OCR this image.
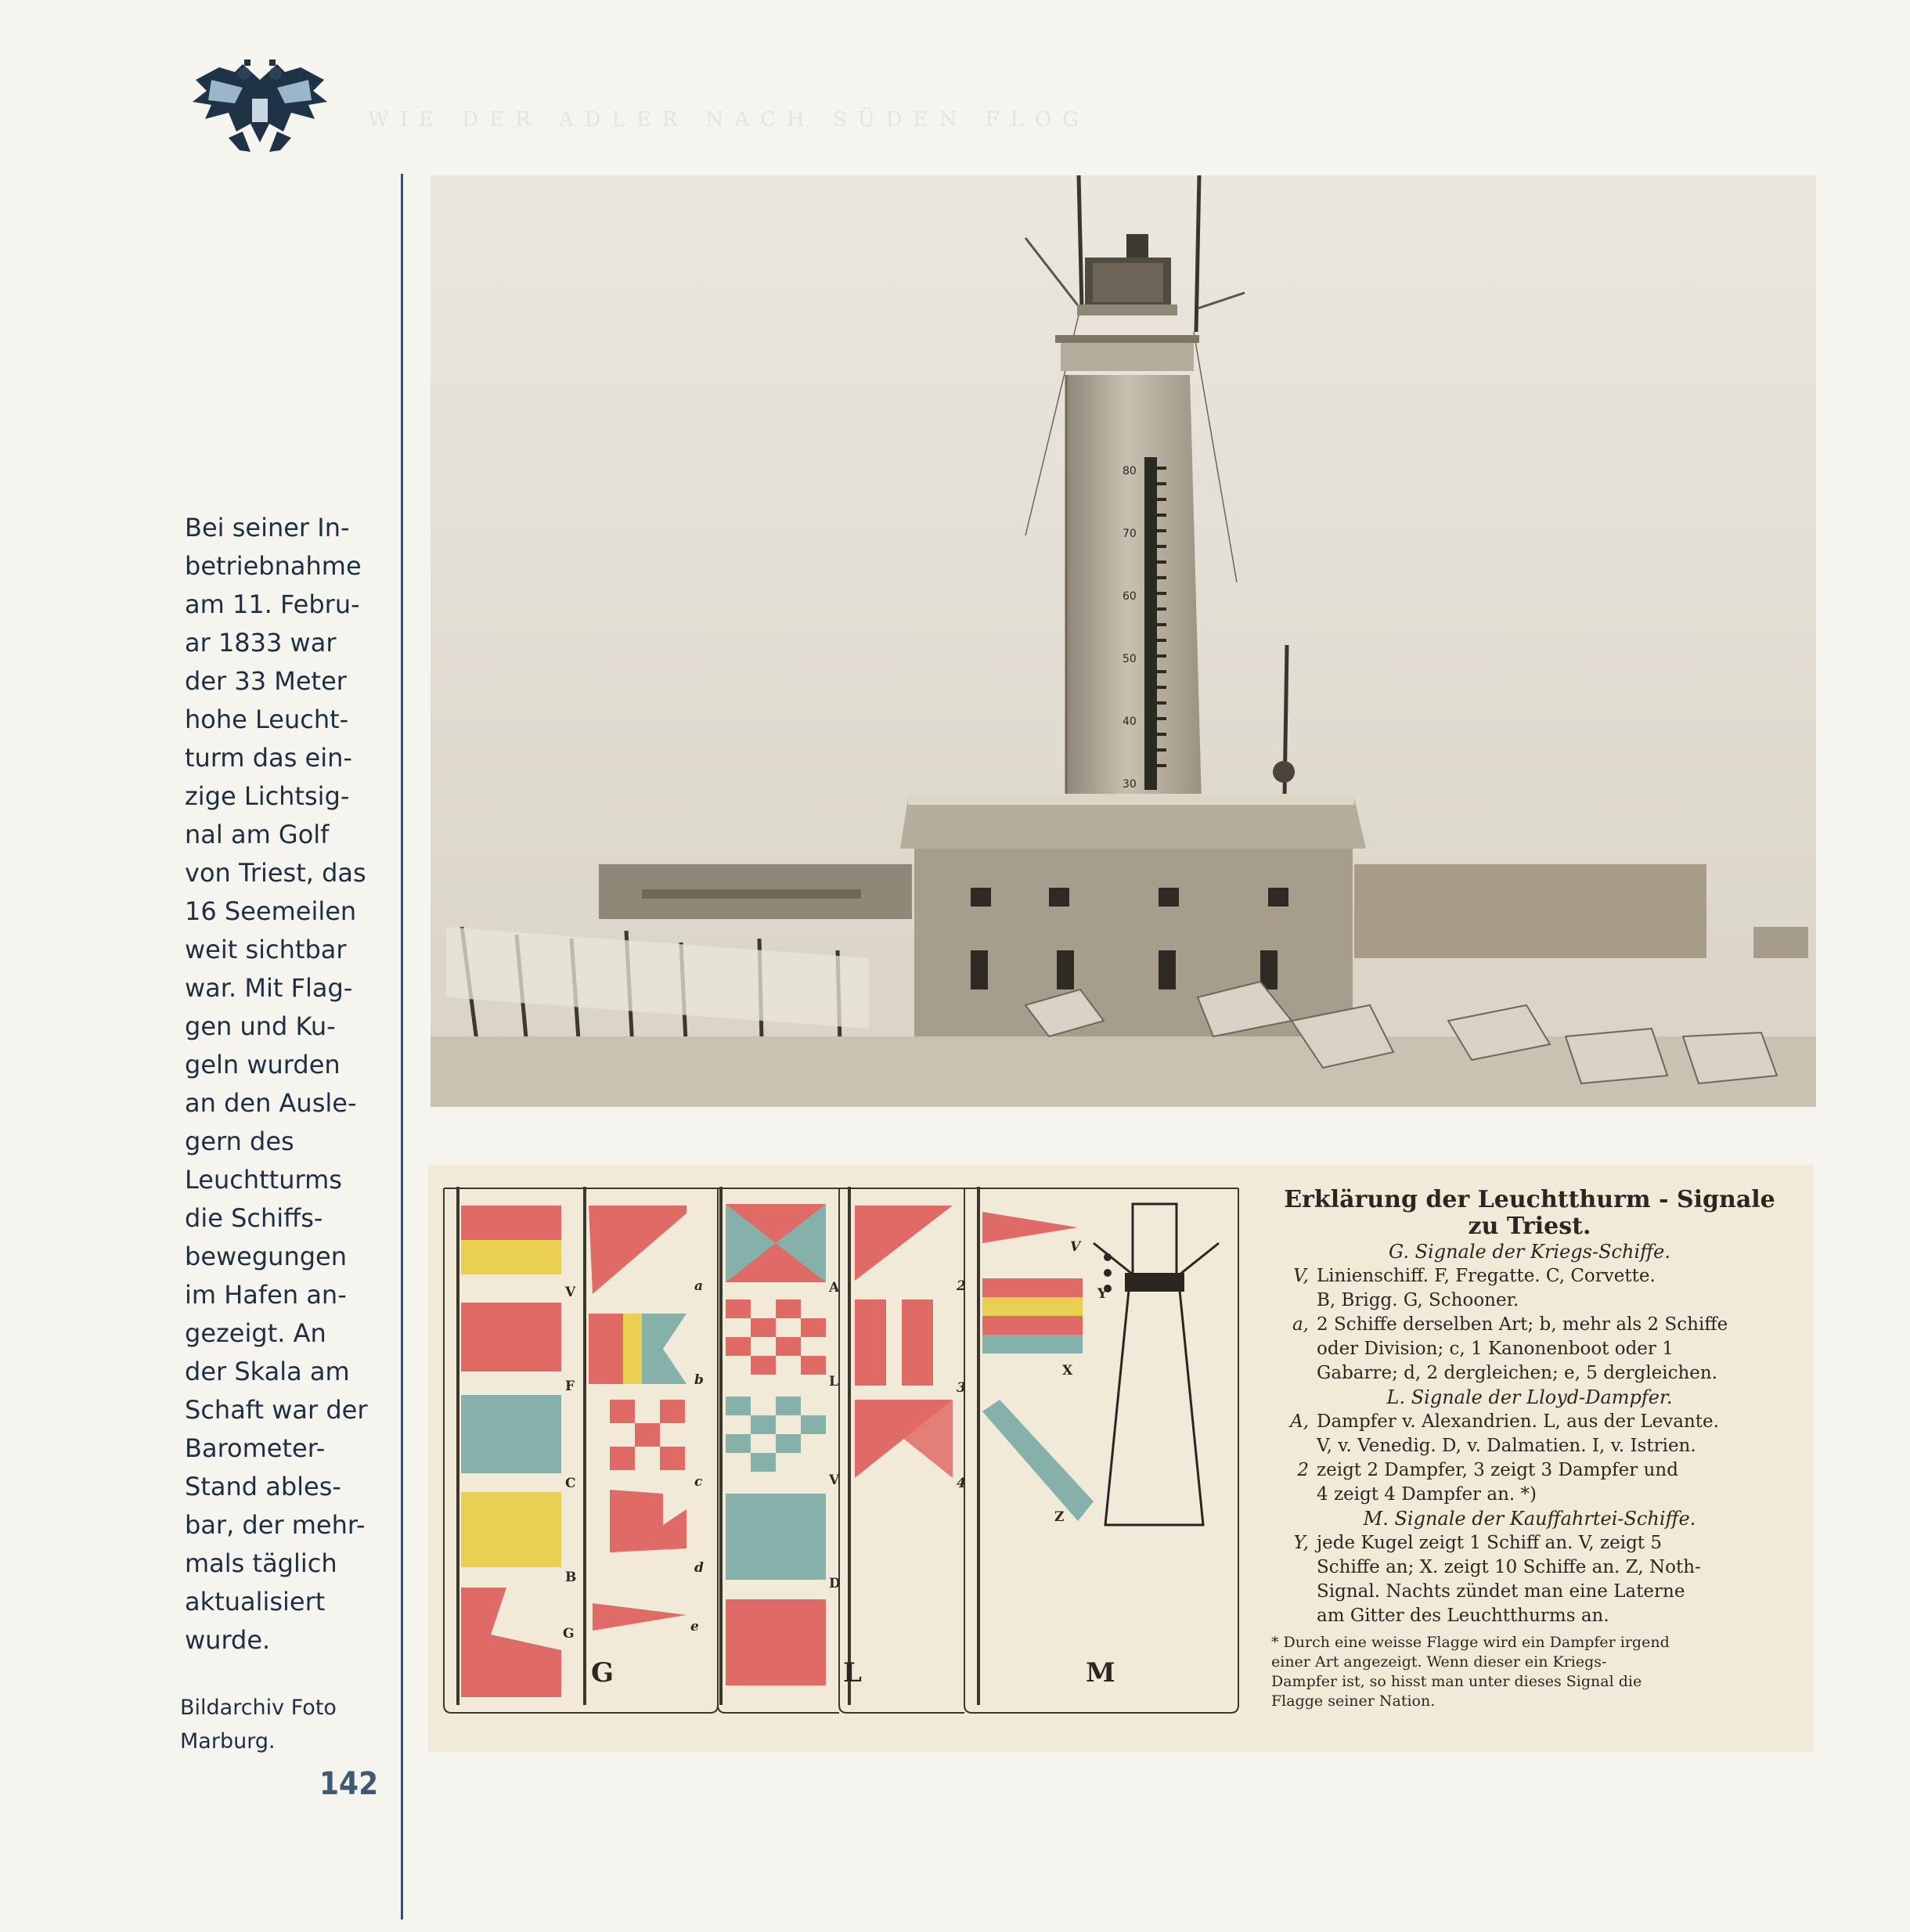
WIE DER ADLER NACH SÜDEN FLOG
Bei seiner In-
betriebnahme
am 11. Febru-
ar 1833 war
der 33 Meter
hohe Leucht-
turm das ein-
zige Lichtsig-
nal am Golf
von Triest, das
16 Seemeilen
weit sichtbar
war. Mit Flag-
gen und Ku-
geln wurden
an den Ausle-
gern des
Leuchtturms
die Schiffs-
bewegungen
im Hafen an-
gezeigt. An
der Skala am
Schaft war der
Barometer-
Stand ables-
bar, der mehr-
mals täglich
aktualisiert
wurde.
Bildarchiv Foto
Marburg.
142
80
70
60
50
40
30
V
F
C
B
G
a
b
c
d
e
A
L
V
D
2
3
4
V
Y
X
Z
G	L	M
Erklärung der Leuchtthurm - Signale
zu Triest.
G. Signale der Kriegs-Schiffe.
V, Linienschiff. F, Fregatte. C, Corvette.
B, Brigg. G, Schooner.
a, 2 Schiffe derselben Art; b, mehr als 2 Schiffe
oder Division; c, 1 Kanonenboot oder 1
Gabarre; d, 2 dergleichen; e, 5 dergleichen.
L. Signale der Lloyd-Dampfer.
A, Dampfer v. Alexandrien. L, aus der Levante.
V, v. Venedig. D, v. Dalmatien. I, v. Istrien.
2 zeigt 2 Dampfer, 3 zeigt 3 Dampfer und
4 zeigt 4 Dampfer an. *)
M. Signale der Kauffahrtei-Schiffe.
Y, jede Kugel zeigt 1 Schiff an. V, zeigt 5
Schiffe an; X. zeigt 10 Schiffe an. Z, Noth-
Signal. Nachts zündet man eine Laterne
am Gitter des Leuchtthurms an.
* Durch eine weisse Flagge wird ein Dampfer irgend
einer Art angezeigt. Wenn dieser ein Kriegs-
Dampfer ist, so hisst man unter dieses Signal die
Flagge seiner Nation.
